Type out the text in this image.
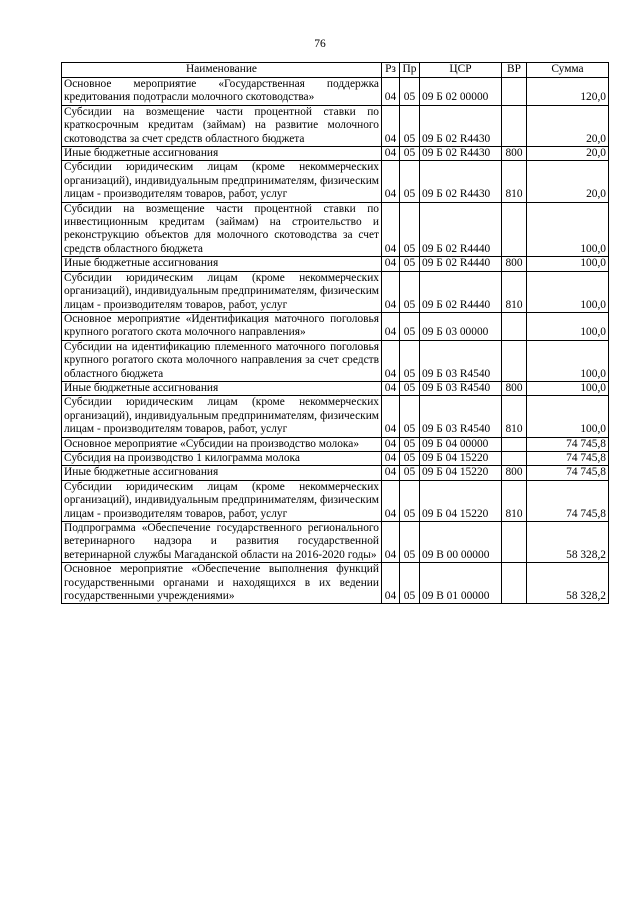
76
Наименование	Рз	Пр	ЦСР	ВР	Сумма
Основное мероприятие «Государственная поддержка кредитования подотрасли молочного скотоводства»	04	05	09 Б 02 00000		120,0
Субсидии на возмещение части процентной ставки по краткосрочным кредитам (займам) на развитие молочного скотоводства за счет средств областного бюджета	04	05	09 Б 02 R4430		20,0
Иные бюджетные ассигнования	04	05	09 Б 02 R4430	800	20,0
Субсидии юридическим лицам (кроме некоммерческих организаций), индивидуальным предпринимателям, физическим лицам - производителям товаров, работ, услуг	04	05	09 Б 02 R4430	810	20,0
Субсидии на возмещение части процентной ставки по инвестиционным кредитам (займам) на строительство и реконструкцию объектов для молочного скотоводства за счет средств областного бюджета	04	05	09 Б 02 R4440		100,0
Иные бюджетные ассигнования	04	05	09 Б 02 R4440	800	100,0
Субсидии юридическим лицам (кроме некоммерческих организаций), индивидуальным предпринимателям, физическим лицам - производителям товаров, работ, услуг	04	05	09 Б 02 R4440	810	100,0
Основное мероприятие «Идентификация маточного поголовья крупного рогатого скота молочного направления»	04	05	09 Б 03 00000		100,0
Субсидии на идентификацию племенного маточного поголовья крупного рогатого скота молочного направления за счет средств областного бюджета	04	05	09 Б 03 R4540		100,0
Иные бюджетные ассигнования	04	05	09 Б 03 R4540	800	100,0
Субсидии юридическим лицам (кроме некоммерческих организаций), индивидуальным предпринимателям, физическим лицам - производителям товаров, работ, услуг	04	05	09 Б 03 R4540	810	100,0
Основное мероприятие «Субсидии на производство молока»	04	05	09 Б 04 00000		74 745,8
Субсидия на производство 1 килограмма молока	04	05	09 Б 04 15220		74 745,8
Иные бюджетные ассигнования	04	05	09 Б 04 15220	800	74 745,8
Субсидии юридическим лицам (кроме некоммерческих организаций), индивидуальным предпринимателям, физическим лицам - производителям товаров, работ, услуг	04	05	09 Б 04 15220	810	74 745,8
Подпрограмма «Обеспечение государственного регионального ветеринарного надзора и развития государственной ветеринарной службы Магаданской области на 2016-2020 годы»	04	05	09 В 00 00000		58 328,2
Основное мероприятие «Обеспечение выполнения функций государственными органами и находящихся в их ведении государственными учреждениями»	04	05	09 В 01 00000		58 328,2
